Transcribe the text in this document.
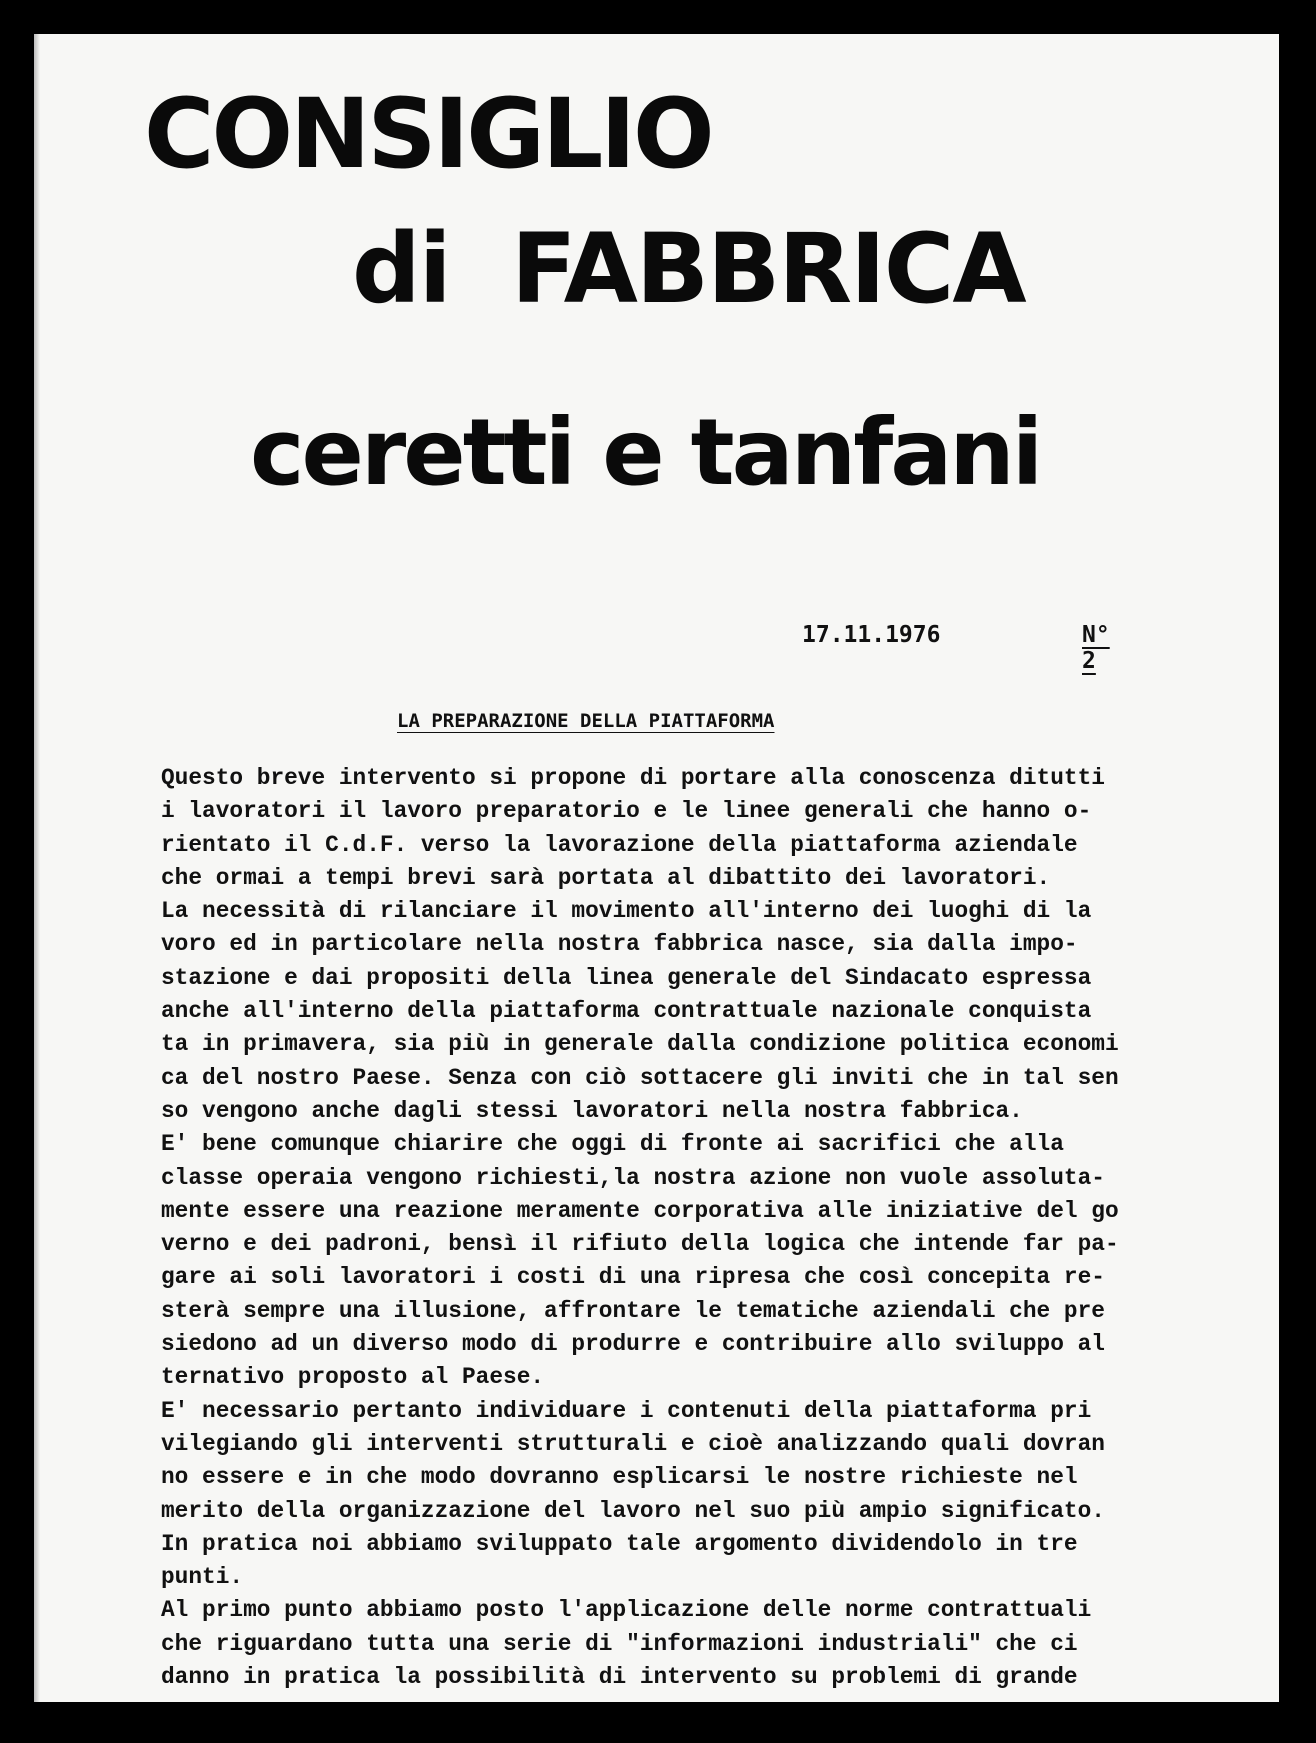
CONSIGLIO
di FABBRICA
ceretti e tanfani
17.11.1976	N° 2
LA PREPARAZIONE DELLA PIATTAFORMA
Questo breve intervento si propone di portare alla conoscenza ditutti
i lavoratori il lavoro preparatorio e le linee generali che hanno o-
rientato il C.d.F. verso la lavorazione della piattaforma aziendale
che ormai a tempi brevi sarà portata al dibattito dei lavoratori.
La necessità di rilanciare il movimento all'interno dei luoghi di la
voro ed in particolare nella nostra fabbrica nasce, sia dalla impo-
stazione e dai propositi della linea generale del Sindacato espressa
anche all'interno della piattaforma contrattuale nazionale conquista
ta in primavera, sia più in generale dalla condizione politica economi
ca del nostro Paese. Senza con ciò sottacere gli inviti che in tal sen
so vengono anche dagli stessi lavoratori nella nostra fabbrica.
E' bene comunque chiarire che oggi di fronte ai sacrifici che alla
classe operaia vengono richiesti,la nostra azione non vuole assoluta-
mente essere una reazione meramente corporativa alle iniziative del go
verno e dei padroni, bensì il rifiuto della logica che intende far pa-
gare ai soli lavoratori i costi di una ripresa che così concepita re-
sterà sempre una illusione, affrontare le tematiche aziendali che pre
siedono ad un diverso modo di produrre e contribuire allo sviluppo al
ternativo proposto al Paese.
E' necessario pertanto individuare i contenuti della piattaforma pri
vilegiando gli interventi strutturali e cioè analizzando quali dovran
no essere e in che modo dovranno esplicarsi le nostre richieste nel
merito della organizzazione del lavoro nel suo più ampio significato.
In pratica noi abbiamo sviluppato tale argomento dividendolo in tre
punti.
Al primo punto abbiamo posto l'applicazione delle norme contrattuali
che riguardano tutta una serie di "informazioni industriali" che ci
danno in pratica la possibilità di intervento su problemi di grande
